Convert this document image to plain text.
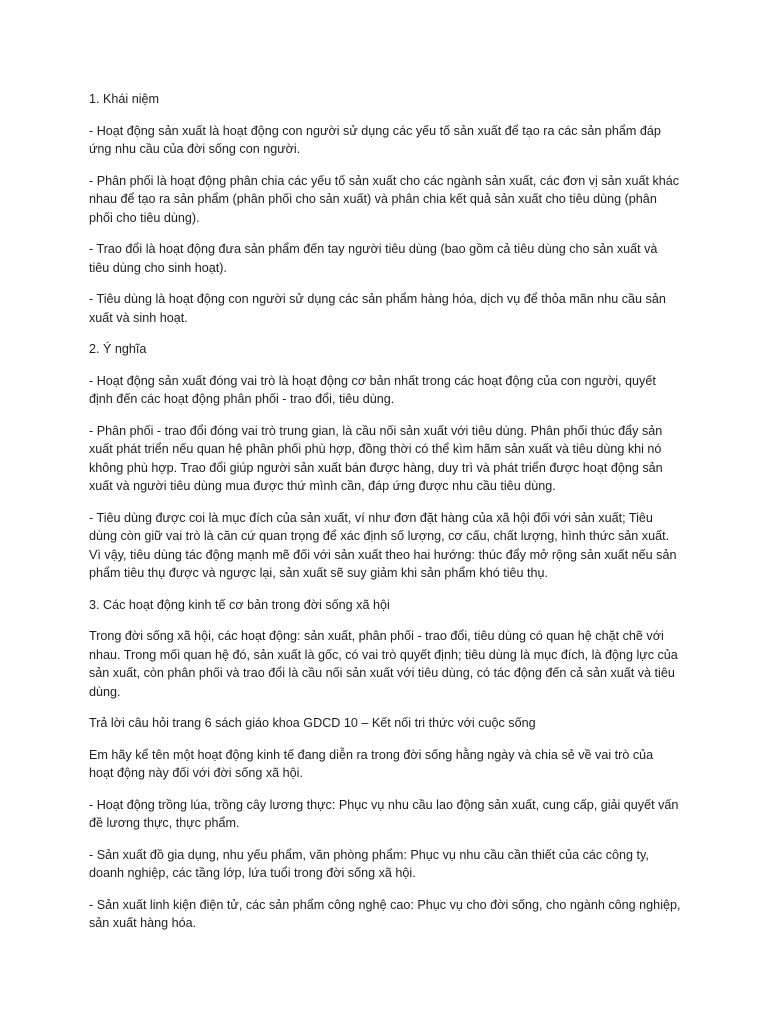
1. Khái niệm

- Hoạt động sản xuất là hoạt động con người sử dụng các yếu tố sản xuất để tạo ra các sản phẩm đáp ứng nhu cầu của đời sống con người.

- Phân phối là hoạt động phân chia các yếu tố sản xuất cho các ngành sản xuất, các đơn vị sản xuất khác nhau để tạo ra sản phẩm (phân phối cho sản xuất) và phân chia kết quả sản xuất cho tiêu dùng (phân phối cho tiêu dùng).

- Trao đổi là hoạt động đưa sản phẩm đến tay người tiêu dùng (bao gồm cả tiêu dùng cho sản xuất và tiêu dùng cho sinh hoạt).

- Tiêu dùng là hoạt động con người sử dụng các sản phẩm hàng hóa, dịch vụ để thỏa mãn nhu cầu sản xuất và sinh hoạt.

2. Ý nghĩa

- Hoạt động sản xuất đóng vai trò là hoạt động cơ bản nhất trong các hoạt động của con người, quyết định đến các hoạt động phân phối - trao đổi, tiêu dùng.

- Phân phối - trao đổi đóng vai trò trung gian, là cầu nối sản xuất với tiêu dùng. Phân phối thúc đẩy sản xuất phát triển nếu quan hệ phân phối phù hợp, đồng thời có thể kìm hãm sản xuất và tiêu dùng khi nó không phù hợp. Trao đổi giúp người sản xuất bán được hàng, duy trì và phát triển được hoạt động sản xuất và người tiêu dùng mua được thứ mình cần, đáp ứng được nhu cầu tiêu dùng.

- Tiêu dùng được coi là mục đích của sản xuất, ví như đơn đặt hàng của xã hội đối với sản xuất; Tiêu dùng còn giữ vai trò là căn cứ quan trọng để xác định số lượng, cơ cấu, chất lượng, hình thức sản xuất. Vì vậy, tiêu dùng tác động mạnh mẽ đối với sản xuất theo hai hướng: thúc đẩy mở rộng sản xuất nếu sản phẩm tiêu thụ được và ngược lại, sản xuất sẽ suy giảm khi sản phẩm khó tiêu thụ.

3. Các hoạt động kinh tế cơ bản trong đời sống xã hội

Trong đời sống xã hội, các hoạt động: sản xuất, phân phối - trao đổi, tiêu dùng có quan hệ chặt chẽ với nhau. Trong mối quan hệ đó, sản xuất là gốc, có vai trò quyết định; tiêu dùng là mục đích, là động lực của sản xuất, còn phân phối và trao đổi là cầu nối sản xuất với tiêu dùng, có tác động đến cả sản xuất và tiêu dùng.

Trả lời câu hỏi trang 6 sách giáo khoa GDCD 10 – Kết nối tri thức với cuộc sống

Em hãy kể tên một hoạt động kinh tế đang diễn ra trong đời sống hằng ngày và chia sẻ về vai trò của hoạt động này đối với đời sống xã hội.

- Hoạt động trồng lúa, trồng cây lương thực: Phục vụ nhu cầu lao động sản xuất, cung cấp, giải quyết vấn đề lương thực, thực phẩm.

- Sản xuất đồ gia dụng, nhu yếu phẩm, văn phòng phẩm: Phục vụ nhu cầu cần thiết của các công ty, doanh nghiệp, các tầng lớp, lứa tuổi trong đời sống xã hội.

- Sản xuất linh kiện điện tử, các sản phẩm công nghệ cao: Phục vụ cho đời sống, cho ngành công nghiệp, sản xuất hàng hóa.
